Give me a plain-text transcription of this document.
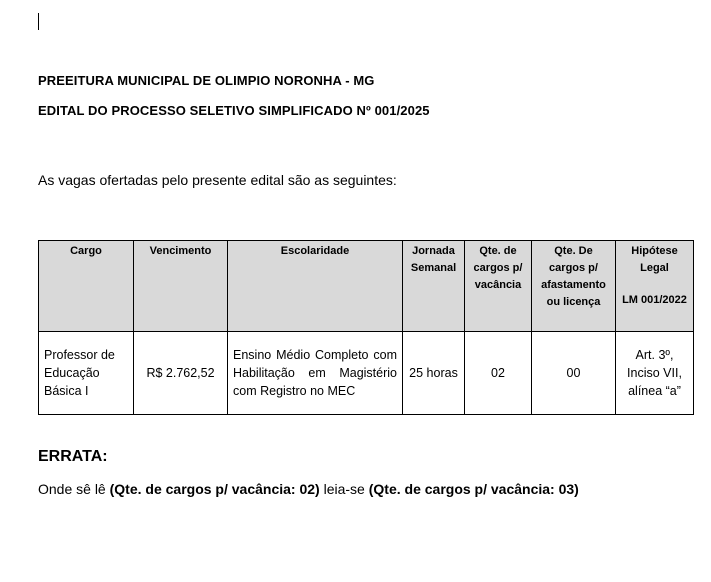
PREEITURA MUNICIPAL DE OLIMPIO NORONHA - MG
EDITAL DO PROCESSO SELETIVO SIMPLIFICADO Nº 001/2025
As vagas ofertadas pelo presente edital são as seguintes:
Cargo	Vencimento	Escolaridade	Jornada Semanal	Qte. de cargos p/ vacância	Qte. De cargos p/ afastamento ou licença	Hipótese Legal
LM 001/2022
Professor de Educação Básica I	R$ 2.762,52	Ensino Médio Completo com Habilitação em Magistério com Registro no MEC	25 horas	02	00	Art. 3º, Inciso VII, alínea “a”
ERRATA:
Onde sê lê (Qte. de cargos p/ vacância: 02) leia-se (Qte. de cargos p/ vacância: 03)
